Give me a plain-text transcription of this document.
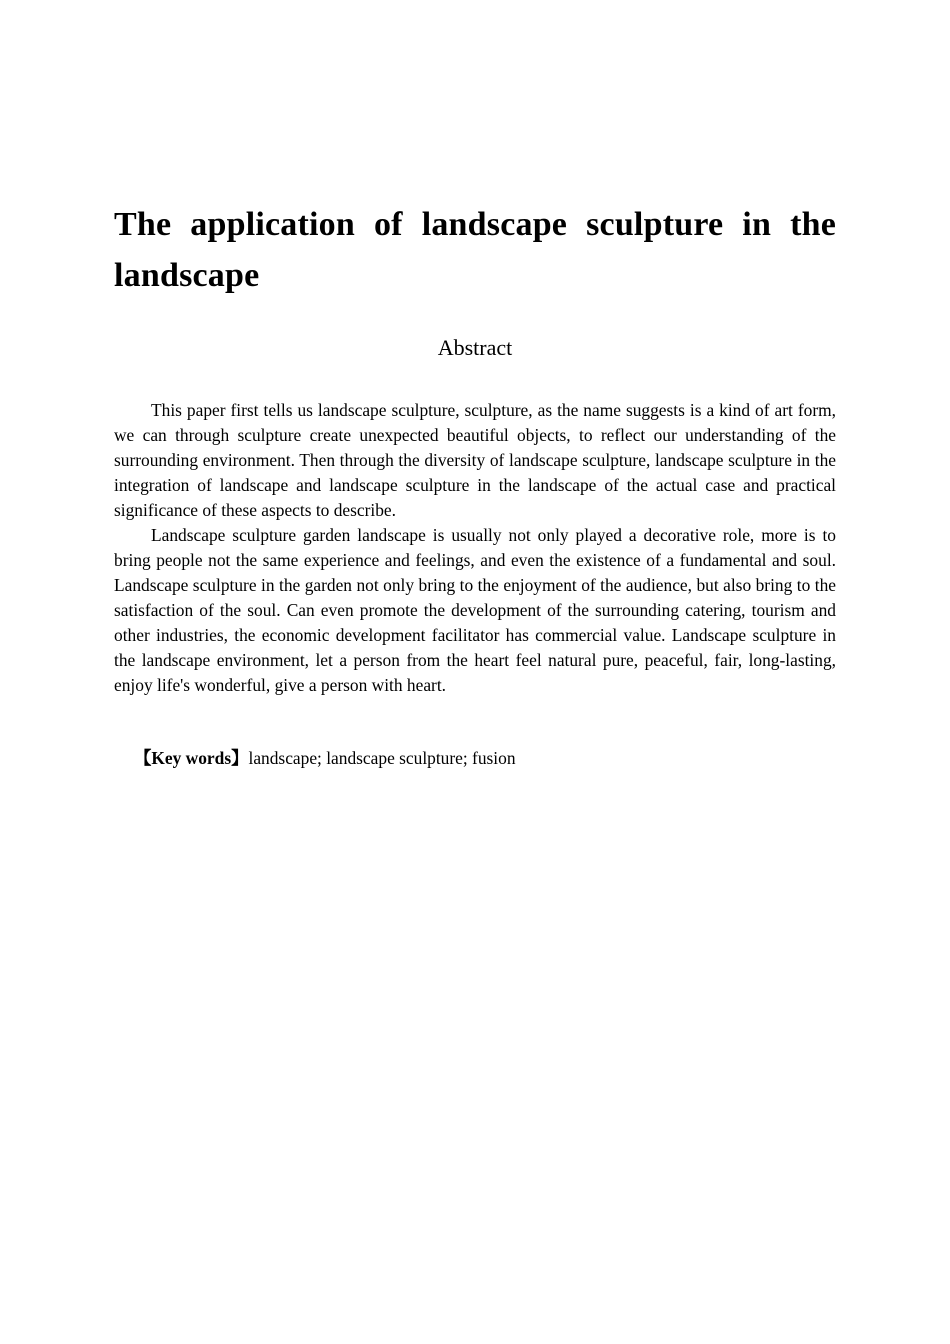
The application of landscape sculpture in the landscape
Abstract

This paper first tells us landscape sculpture, sculpture, as the name suggests is a kind of art form, we can through sculpture create unexpected beautiful objects, to reflect our understanding of the surrounding environment. Then through the diversity of landscape sculpture, landscape sculpture in the integration of landscape and landscape sculpture in the landscape of the actual case and practical significance of these aspects to describe.

Landscape sculpture garden landscape is usually not only played a decorative role, more is to bring people not the same experience and feelings, and even the existence of a fundamental and soul. Landscape sculpture in the garden not only bring to the enjoyment of the audience, but also bring to the satisfaction of the soul. Can even promote the development of the surrounding catering, tourism and other industries, the economic development facilitator has commercial value. Landscape sculpture in the landscape environment, let a person from the heart feel natural pure, peaceful, fair, long-lasting, enjoy life's wonderful, give a person with heart.

【Key words】landscape; landscape sculpture; fusion
